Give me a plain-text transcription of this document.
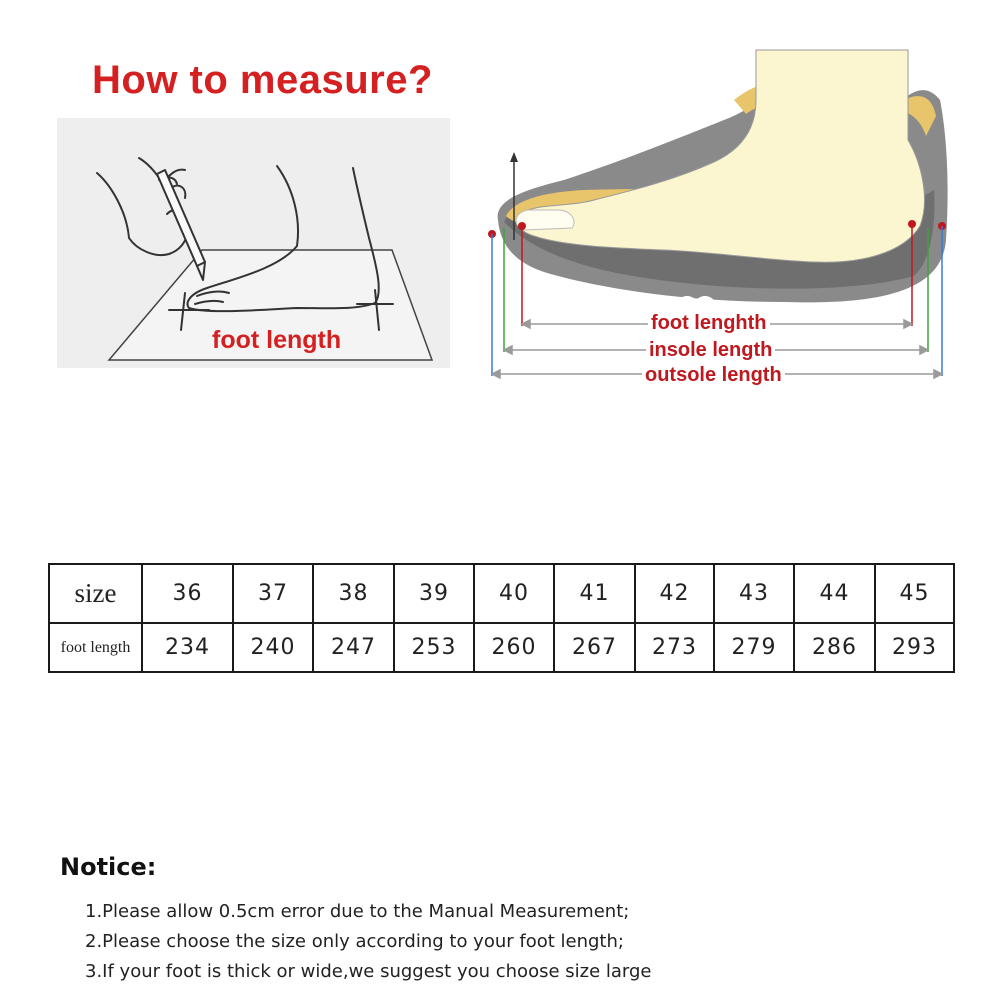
How to measure?
foot length
foot lenghth
insole length
outsole length
size	36	37	38	39	40	41	42	43	44	45
foot length	234	240	247	253	260	267	273	279	286	293
Notice:
1.Please allow 0.5cm error due to the Manual Measurement;
2.Please choose the size only according to your foot length;
3.If your foot is thick or wide,we suggest you choose size large
